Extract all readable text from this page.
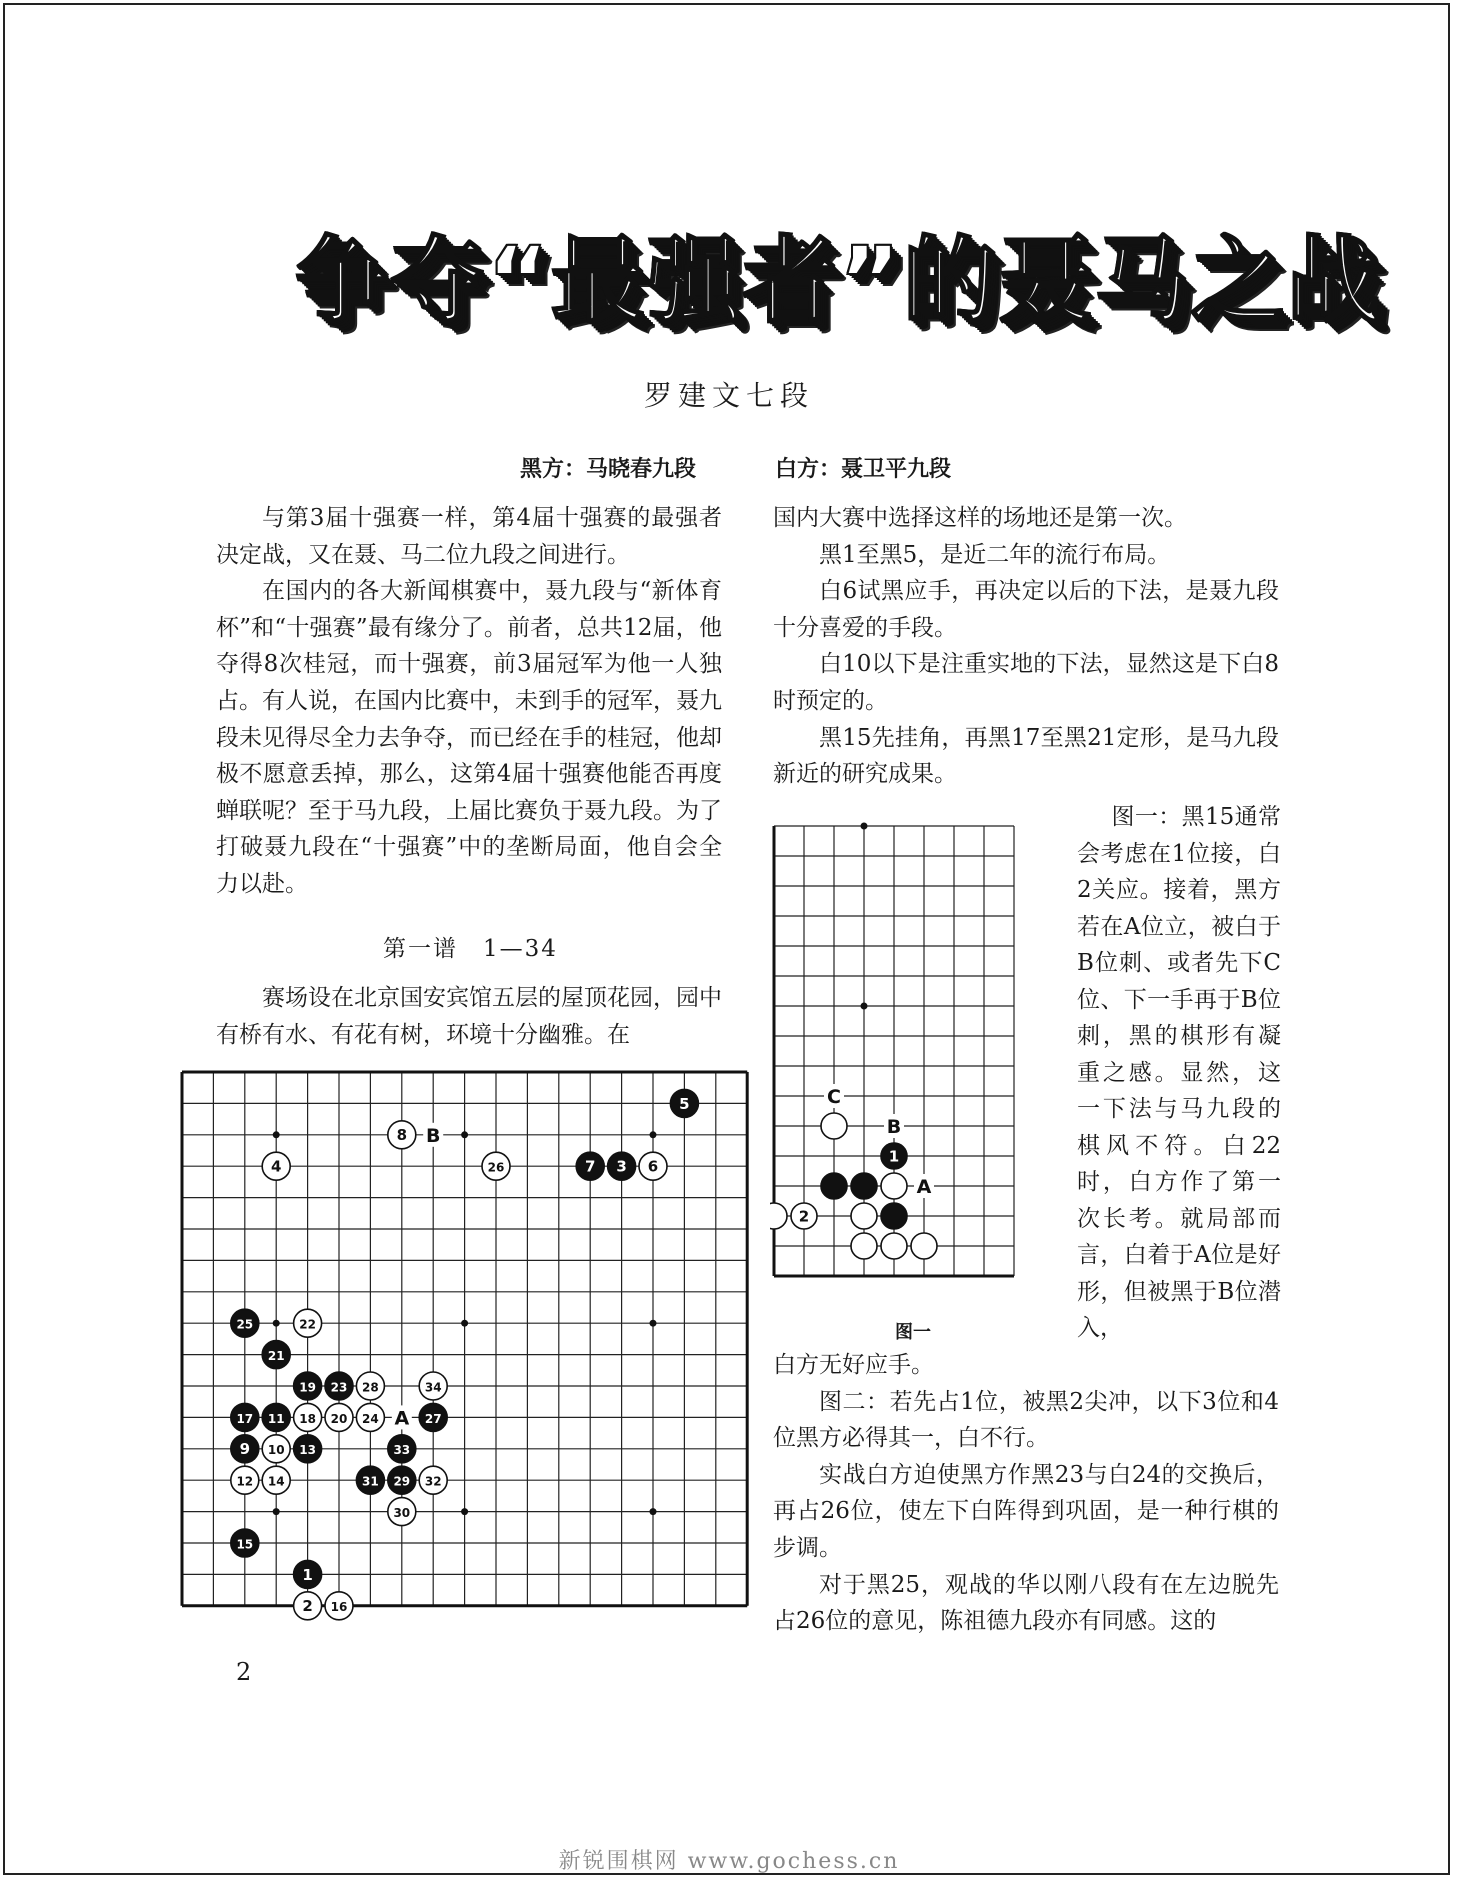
争夺“最强者”的聂马之战
罗建文七段
黑方：马晓春九段	白方：聂卫平九段

与第3届十强赛一样，第4届十强赛的最强者决定战，又在聂、马二位九段之间进行。

在国内的各大新闻棋赛中，聂九段与“新体育杯”和“十强赛”最有缘分了。前者，总共12届，他夺得8次桂冠，而十强赛，前3届冠军为他一人独占。有人说，在国内比赛中，未到手的冠军，聂九段未见得尽全力去争夺，而已经在手的桂冠，他却极不愿意丢掉，那么，这第4届十强赛他能否再度蝉联呢？至于马九段，上届比赛负于聂九段。为了打破聂九段在“十强赛”中的垄断局面，他自会全力以赴。

第一谱　1—34

赛场设在北京国安宾馆五层的屋顶花园，园中有桥有水、有花有树，环境十分幽雅。在

A
B
1
2
3
4
5
6
7
8
9 10
11
12
13
14
15
16
17	18
19
20
21
22
23
24
25
26
27
28
29
30
31	32
33
34

国内大赛中选择这样的场地还是第一次。

黑1至黑5，是近二年的流行布局。

白6试黑应手，再决定以后的下法，是聂九段十分喜爱的手段。

白10以下是注重实地的下法，显然这是下白8时预定的。

黑15先挂角，再黑17至黑21定形，是马九段新近的研究成果。

B
C
A
1
2
图一
图一：黑15通常会考虑在1位接，白2关应。接着，黑方若在A位立，被白于B位刺、或者先下C位、下一手再于B位刺，黑的棋形有凝重之感。显然，这一下法与马九段的棋风不符。白22时，白方作了第一次长考。就局部而言，白着于A位是好形，但被黑于B位潜入，

白方无好应手。

图二：若先占1位，被黑2尖冲，以下3位和4位黑方必得其一，白不行。

实战白方迫使黑方作黑23与白24的交换后，再占26位，使左下白阵得到巩固，是一种行棋的步调。

对于黑25，观战的华以刚八段有在左边脱先占26位的意见，陈祖德九段亦有同感。这的

2
新锐围棋网 www.gochess.cn
